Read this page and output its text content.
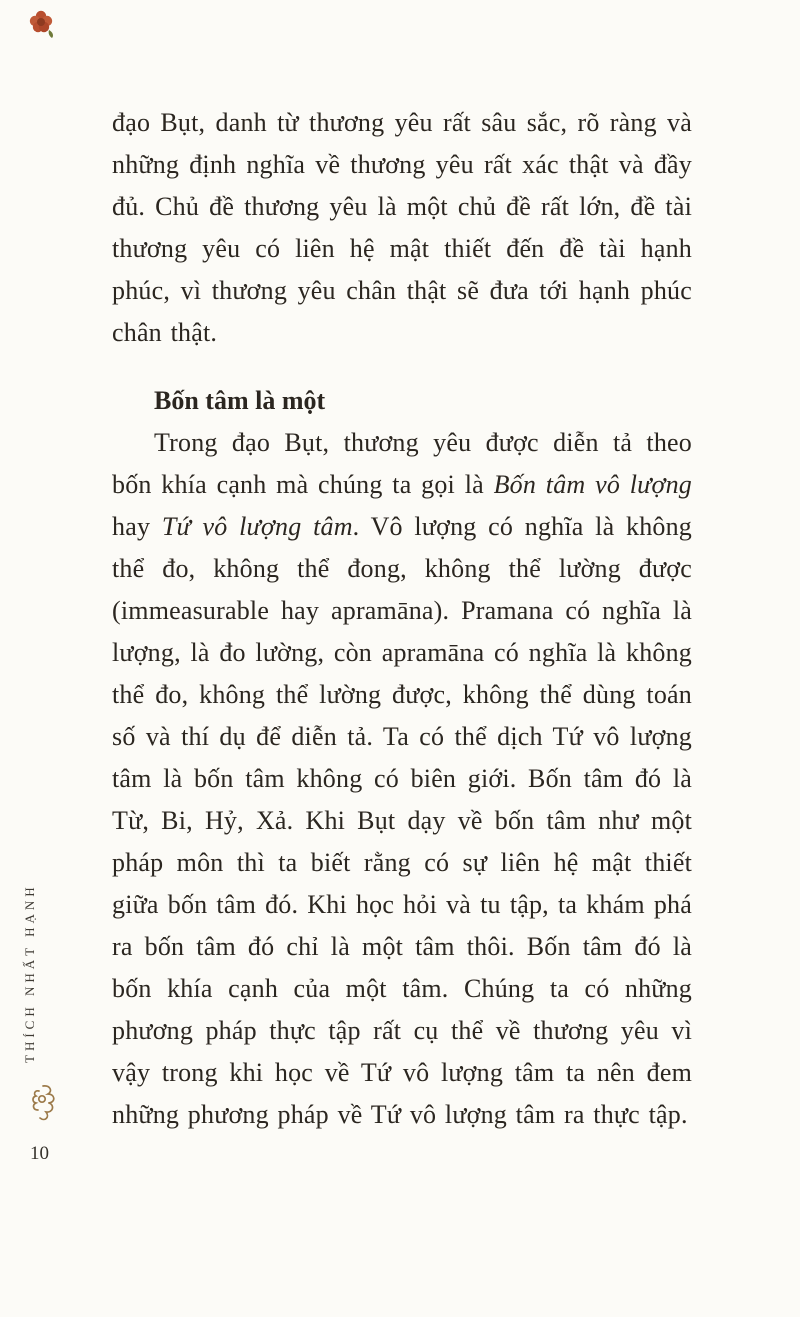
đạo Bụt, danh từ thương yêu rất sâu sắc, rõ ràng và những định nghĩa về thương yêu rất xác thật và đầy đủ. Chủ đề thương yêu là một chủ đề rất lớn, đề tài thương yêu có liên hệ mật thiết đến đề tài hạnh phúc, vì thương yêu chân thật sẽ đưa tới hạnh phúc chân thật.

Bốn tâm là một

Trong đạo Bụt, thương yêu được diễn tả theo bốn khía cạnh mà chúng ta gọi là Bốn tâm vô lượng hay Tứ vô lượng tâm. Vô lượng có nghĩa là không thể đo, không thể đong, không thể lường được (immeasurable hay apramāna). Pramana có nghĩa là lượng, là đo lường, còn apramāna có nghĩa là không thể đo, không thể lường được, không thể dùng toán số và thí dụ để diễn tả. Ta có thể dịch Tứ vô lượng tâm là bốn tâm không có biên giới. Bốn tâm đó là Từ, Bi, Hỷ, Xả. Khi Bụt dạy về bốn tâm như một pháp môn thì ta biết rằng có sự liên hệ mật thiết giữa bốn tâm đó. Khi học hỏi và tu tập, ta khám phá ra bốn tâm đó chỉ là một tâm thôi. Bốn tâm đó là bốn khía cạnh của một tâm. Chúng ta có những phương pháp thực tập rất cụ thể về thương yêu vì vậy trong khi học về Tứ vô lượng tâm ta nên đem những phương pháp về Tứ vô lượng tâm ra thực tập.

THÍCH NHẤT HẠNH
10
